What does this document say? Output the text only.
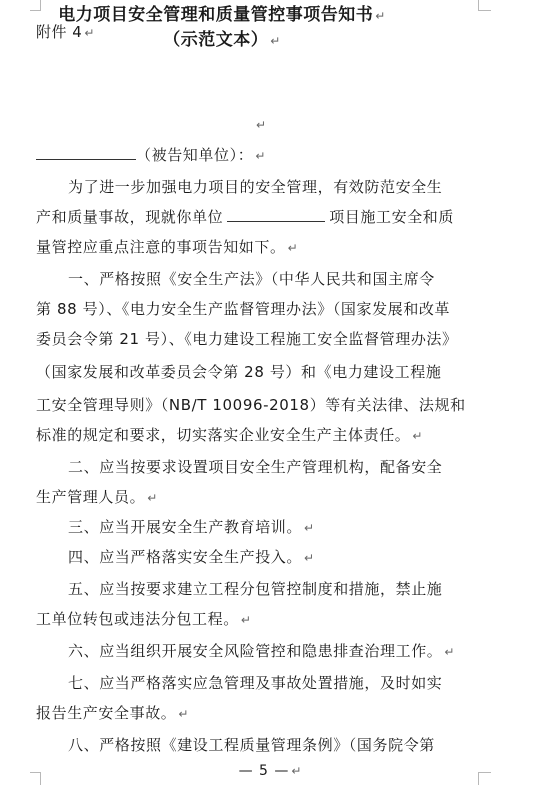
附件 4 ↵
电力项目安全管理和质量管控事项告知书 ↵
（示范文本） ↵
↵
（被告知单位）： ↵
为了进一步加强电力项目的安全管理，有效防范安全生
产和质量事故，现就你单位	项目施工安全和质
量管控应重点注意的事项告知如下。 ↵
一、严格按照《安全生产法》（中华人民共和国主席令
第 88 号）、《电力安全生产监督管理办法》（国家发展和改革
委员会令第 21 号）、《电力建设工程施工安全监督管理办法》
（国家发展和改革委员会令第 28 号）和《电力建设工程施
工安全管理导则》（NB/T 10096-2018）等有关法律、法规和
标准的规定和要求，切实落实企业安全生产主体责任。 ↵
二、应当按要求设置项目安全生产管理机构，配备安全
生产管理人员。 ↵
三、应当开展安全生产教育培训。 ↵
四、应当严格落实安全生产投入。 ↵
五、应当按要求建立工程分包管控制度和措施，禁止施
工单位转包或违法分包工程。 ↵
六、应当组织开展安全风险管控和隐患排查治理工作。 ↵
七、应当严格落实应急管理及事故处置措施，及时如实
报告生产安全事故。 ↵
八、严格按照《建设工程质量管理条例》（国务院令第
— 5 — ↵
